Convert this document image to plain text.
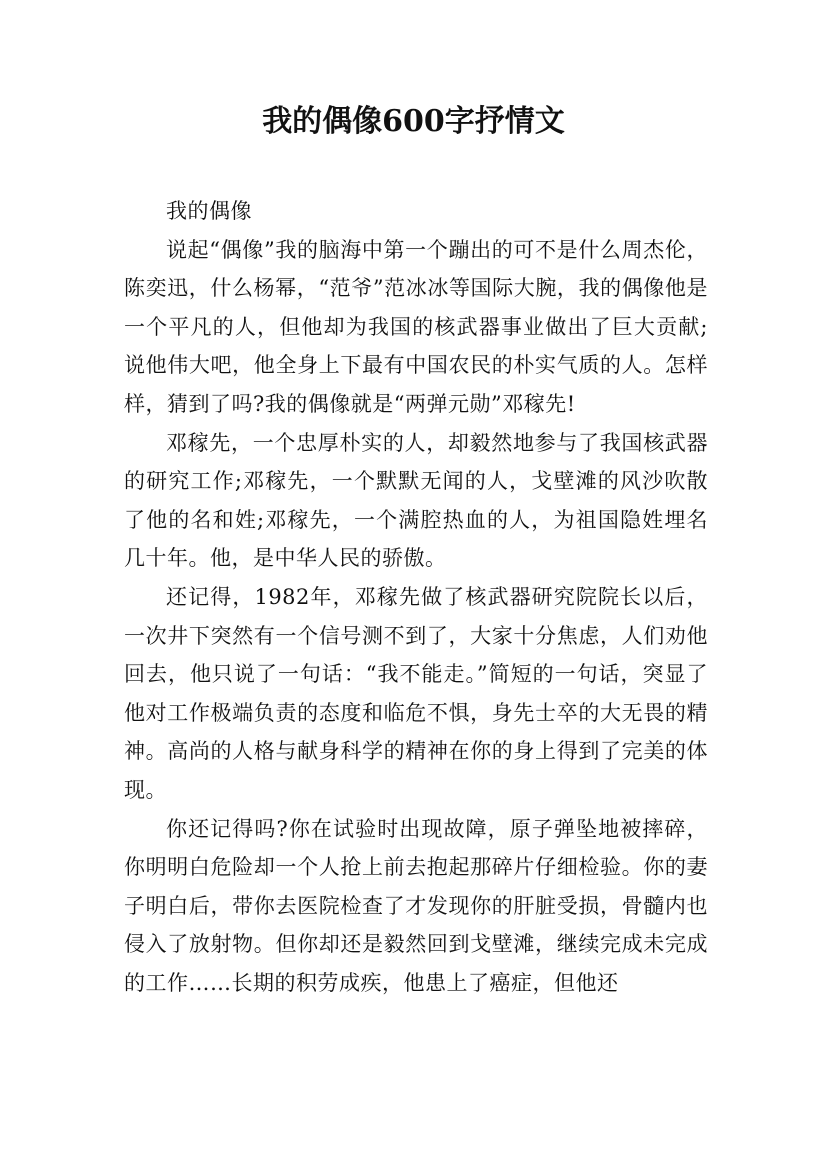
我的偶像600字抒情文

我的偶像

说起“偶像”我的脑海中第一个蹦出的可不是什么周杰伦，陈奕迅，什么杨幂，“范爷”范冰冰等国际大腕，我的偶像他是一个平凡的人，但他却为我国的核武器事业做出了巨大贡献;说他伟大吧，他全身上下最有中国农民的朴实气质的人。怎样样，猜到了吗?我的偶像就是“两弹元勋”邓稼先!

邓稼先，一个忠厚朴实的人，却毅然地参与了我国核武器的研究工作;邓稼先，一个默默无闻的人，戈壁滩的风沙吹散了他的名和姓;邓稼先，一个满腔热血的人，为祖国隐姓埋名几十年。他，是中华人民的骄傲。

还记得，1982年，邓稼先做了核武器研究院院长以后，一次井下突然有一个信号测不到了，大家十分焦虑，人们劝他回去，他只说了一句话：“我不能走。”简短的一句话，突显了他对工作极端负责的态度和临危不惧，身先士卒的大无畏的精神。高尚的人格与献身科学的精神在你的身上得到了完美的体现。

你还记得吗?你在试验时出现故障，原子弹坠地被摔碎，你明明白危险却一个人抢上前去抱起那碎片仔细检验。你的妻子明白后，带你去医院检查了才发现你的肝脏受损，骨髓内也侵入了放射物。但你却还是毅然回到戈壁滩，继续完成未完成的工作……长期的积劳成疾，他患上了癌症，但他还
